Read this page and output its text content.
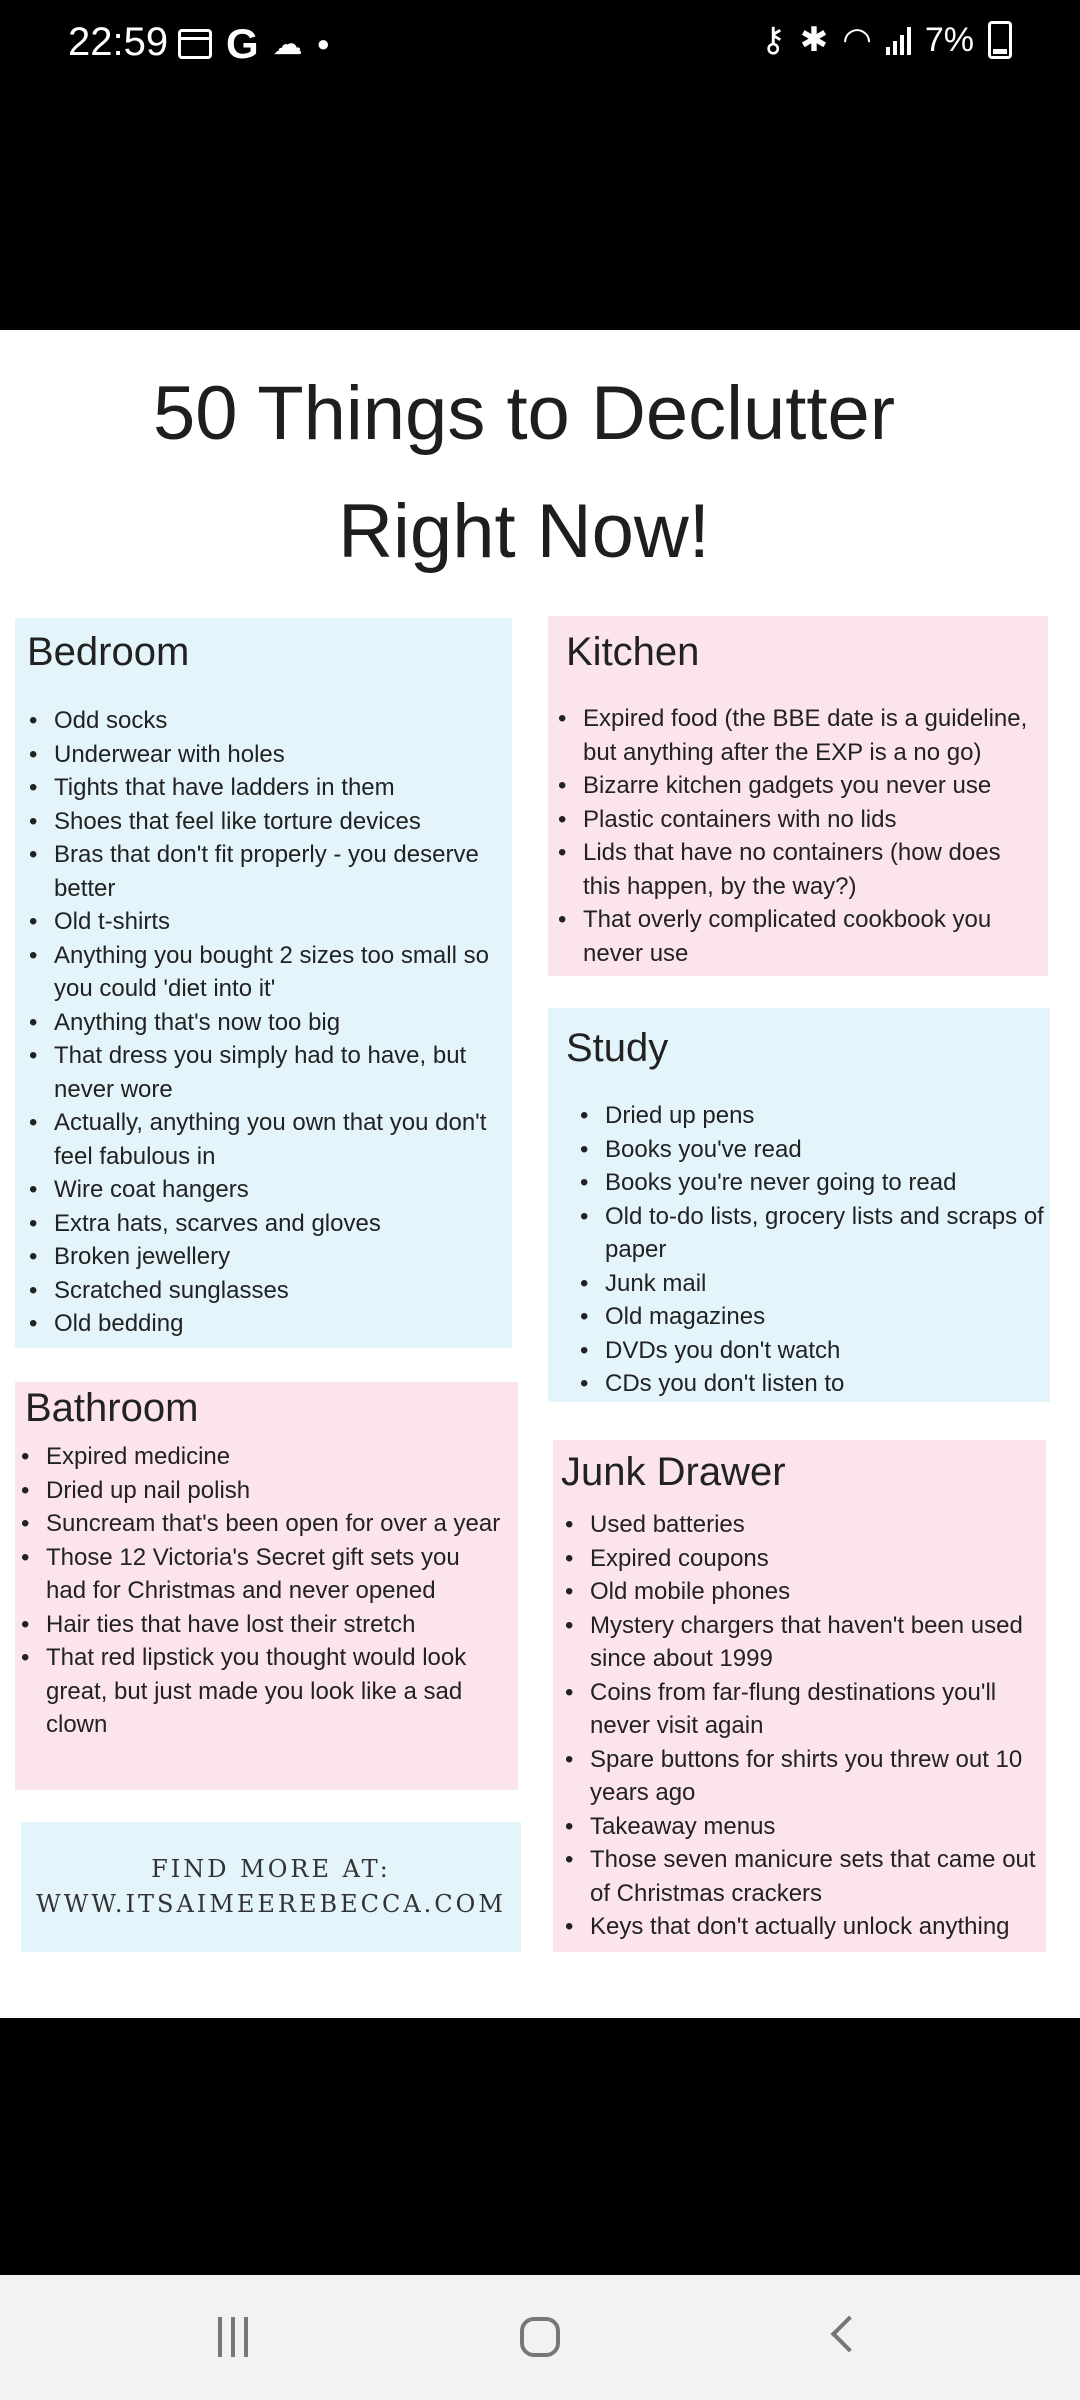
22:59 G ☁ ●	⚷ ✱ ◠ 7%
50 Things to Declutter
Right Now!
Bedroom
• Odd socks
• Underwear with holes
• Tights that have ladders in them
• Shoes that feel like torture devices
• Bras that don't fit properly - you deserve better
• Old t-shirts
• Anything you bought 2 sizes too small so you could 'diet into it'
• Anything that's now too big
• That dress you simply had to have, but never wore
• Actually, anything you own that you don't feel fabulous in
• Wire coat hangers
• Extra hats, scarves and gloves
• Broken jewellery
• Scratched sunglasses
• Old bedding
Kitchen
• Expired food (the BBE date is a guideline, but anything after the EXP is a no go)
• Bizarre kitchen gadgets you never use
• Plastic containers with no lids
• Lids that have no containers (how does this happen, by the way?)
• That overly complicated cookbook you never use
Study
• Dried up pens
• Books you've read
• Books you're never going to read
• Old to-do lists, grocery lists and scraps of paper
• Junk mail
• Old magazines
• DVDs you don't watch
• CDs you don't listen to
Bathroom
• Expired medicine
• Dried up nail polish
• Suncream that's been open for over a year
• Those 12 Victoria's Secret gift sets you had for Christmas and never opened
• Hair ties that have lost their stretch
• That red lipstick you thought would look great, but just made you look like a sad clown
Junk Drawer
• Used batteries
• Expired coupons
• Old mobile phones
• Mystery chargers that haven't been used since about 1999
• Coins from far-flung destinations you'll never visit again
• Spare buttons for shirts you threw out 10 years ago
• Takeaway menus
• Those seven manicure sets that came out of Christmas crackers
• Keys that don't actually unlock anything
FIND MORE AT:
WWW.ITSAIMEEREBECCA.COM
